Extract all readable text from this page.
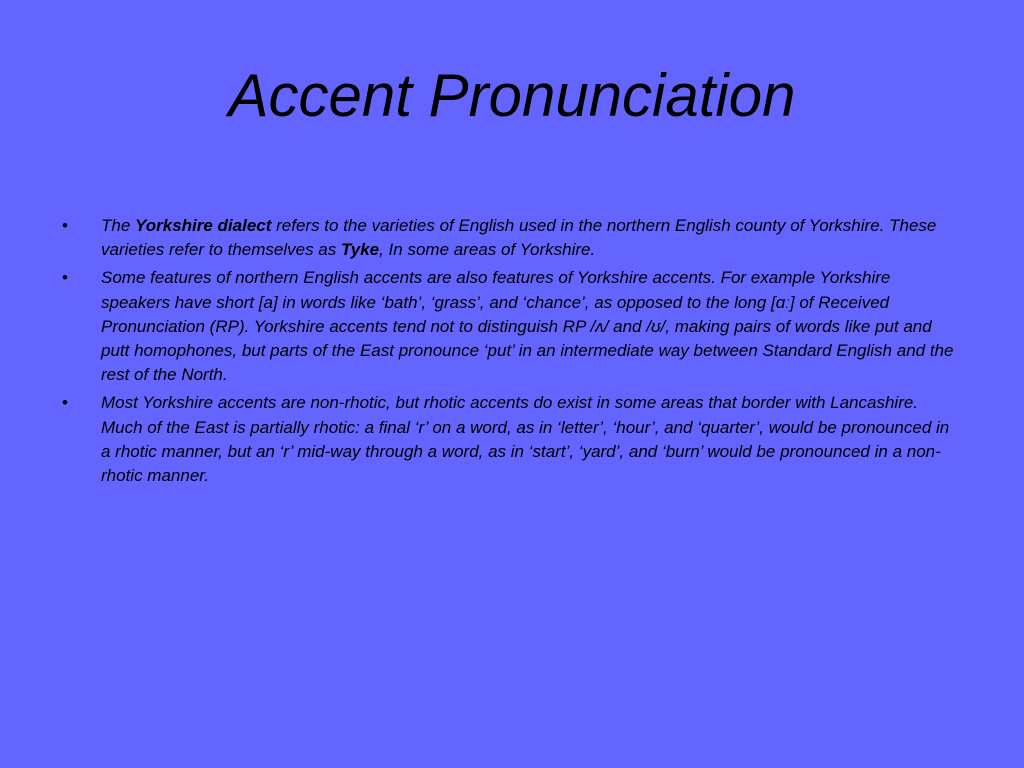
Accent Pronunciation
• The Yorkshire dialect refers to the varieties of English used in the northern English county of Yorkshire. These varieties refer to themselves as Tyke, In some areas of Yorkshire.
• Some features of northern English accents are also features of Yorkshire accents. For example Yorkshire speakers have short [a] in words like ‘bath’, ‘grass’, and ‘chance’, as opposed to the long [ɑː] of Received Pronunciation (RP). Yorkshire accents tend not to distinguish RP /ʌ/ and /ʊ/, making pairs of words like put and putt homophones, but parts of the East pronounce ‘put’ in an intermediate way between Standard English and the rest of the North.
• Most Yorkshire accents are non-rhotic, but rhotic accents do exist in some areas that border with Lancashire. Much of the East is partially rhotic: a final ‘r’ on a word, as in ‘letter’, ‘hour’, and ‘quarter’, would be pronounced in a rhotic manner, but an ‘r’ mid-way through a word, as in ‘start’, ‘yard’, and ‘burn’ would be pronounced in a non-rhotic manner.
